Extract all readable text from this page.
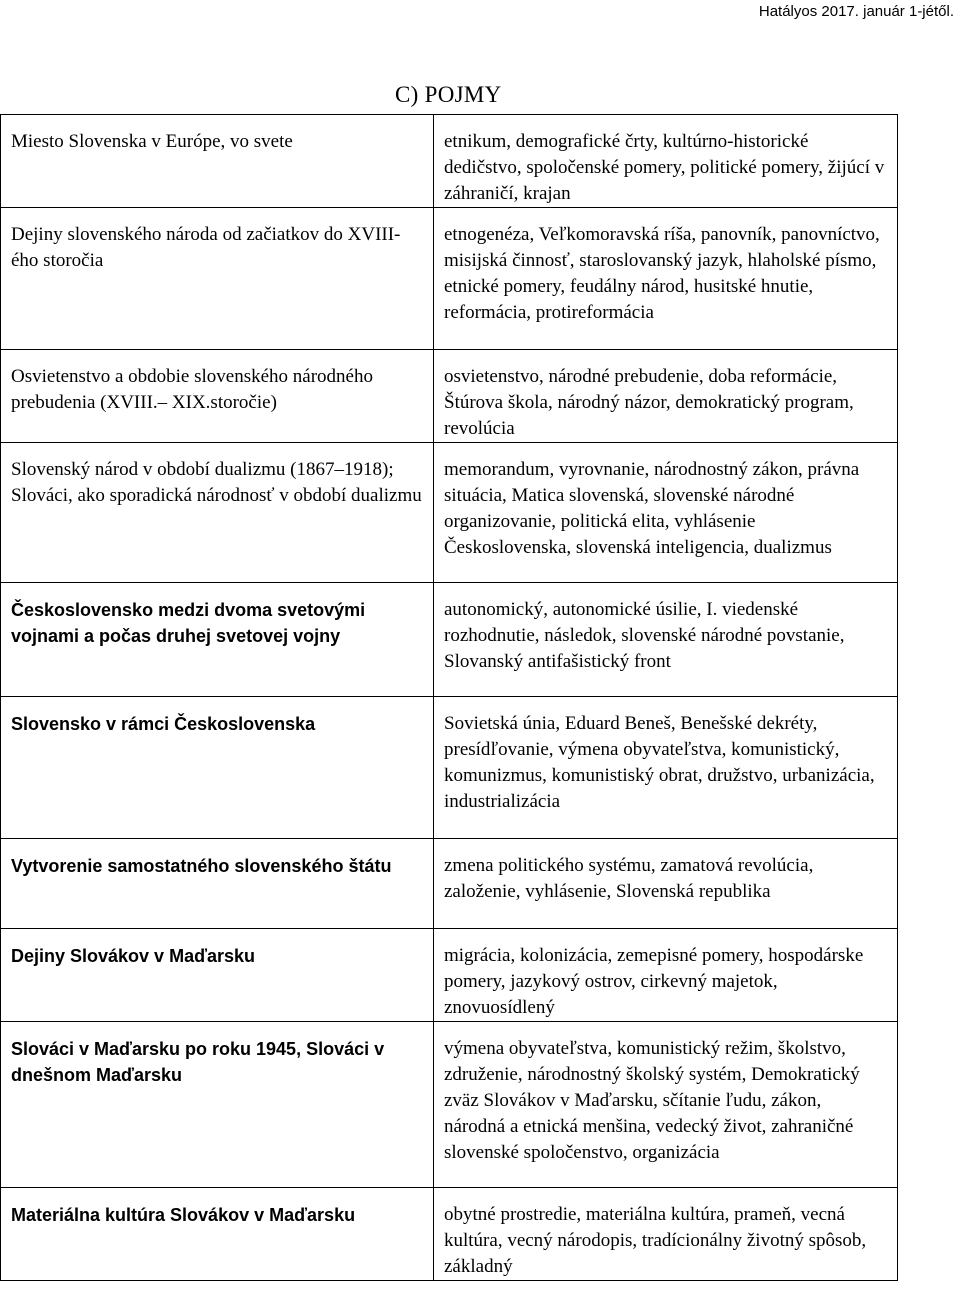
Hatályos 2017. január 1-jétől.
C) POJMY
Miesto Slovenska v Európe, vo svete	etnikum, demografické črty, kultúrno-historické dedičstvo, spoločenské pomery, politické pomery, žijúcí v záhraničí, krajan

Dejiny slovenského národa od začiatkov do XVIII-ého storočia	etnogenéza, Veľkomoravská ríša, panovník, panovníctvo, misijská činnosť, staroslovanský jazyk, hlaholské písmo, etnické pomery, feudálny národ, husitské hnutie, reformácia, protireformácia

Osvietenstvo a obdobie slovenského národného prebudenia (XVIII.– XIX.storočie)	osvietenstvo, národné prebudenie, doba reformácie, Štúrova škola, národný názor, demokratický program, revolúcia

Slovenský národ v období dualizmu (1867–1918); Slováci, ako sporadická národnosť v období dualizmu	memorandum, vyrovnanie, národnostný zákon, právna situácia, Matica slovenská, slovenské národné organizovanie, politická elita, vyhlásenie Československa, slovenská inteligencia, dualizmus

Československo medzi dvoma svetovými vojnami a počas druhej svetovej vojny	autonomický, autonomické úsilie, I. viedenské rozhodnutie, následok, slovenské národné povstanie, Slovanský antifašistický front

Slovensko v rámci Československa	Sovietská únia, Eduard Beneš, Benešské dekréty, presídľovanie, výmena obyvateľstva, komunistický, komunizmus, komunistiský obrat, družstvo, urbanizácia, industrializácia

Vytvorenie samostatného slovenského štátu	zmena politického systému, zamatová revolúcia, založenie, vyhlásenie, Slovenská republika

Dejiny Slovákov v Maďarsku	migrácia, kolonizácia, zemepisné pomery, hospodárske pomery, jazykový ostrov, cirkevný majetok, znovuosídlený

Slováci v Maďarsku po roku 1945, Slováci v dnešnom Maďarsku	výmena obyvateľstva, komunistický režim, školstvo, združenie, národnostný školský systém, Demokratický zväz Slovákov v Maďarsku, sčítanie ľudu, zákon, národná a etnická menšina, vedecký život, zahraničné slovenské spoločenstvo, organizácia

Materiálna kultúra Slovákov v Maďarsku	obytné prostredie, materiálna kultúra, prameň, vecná kultúra, vecný národopis, tradícionálny životný spôsob, základný
